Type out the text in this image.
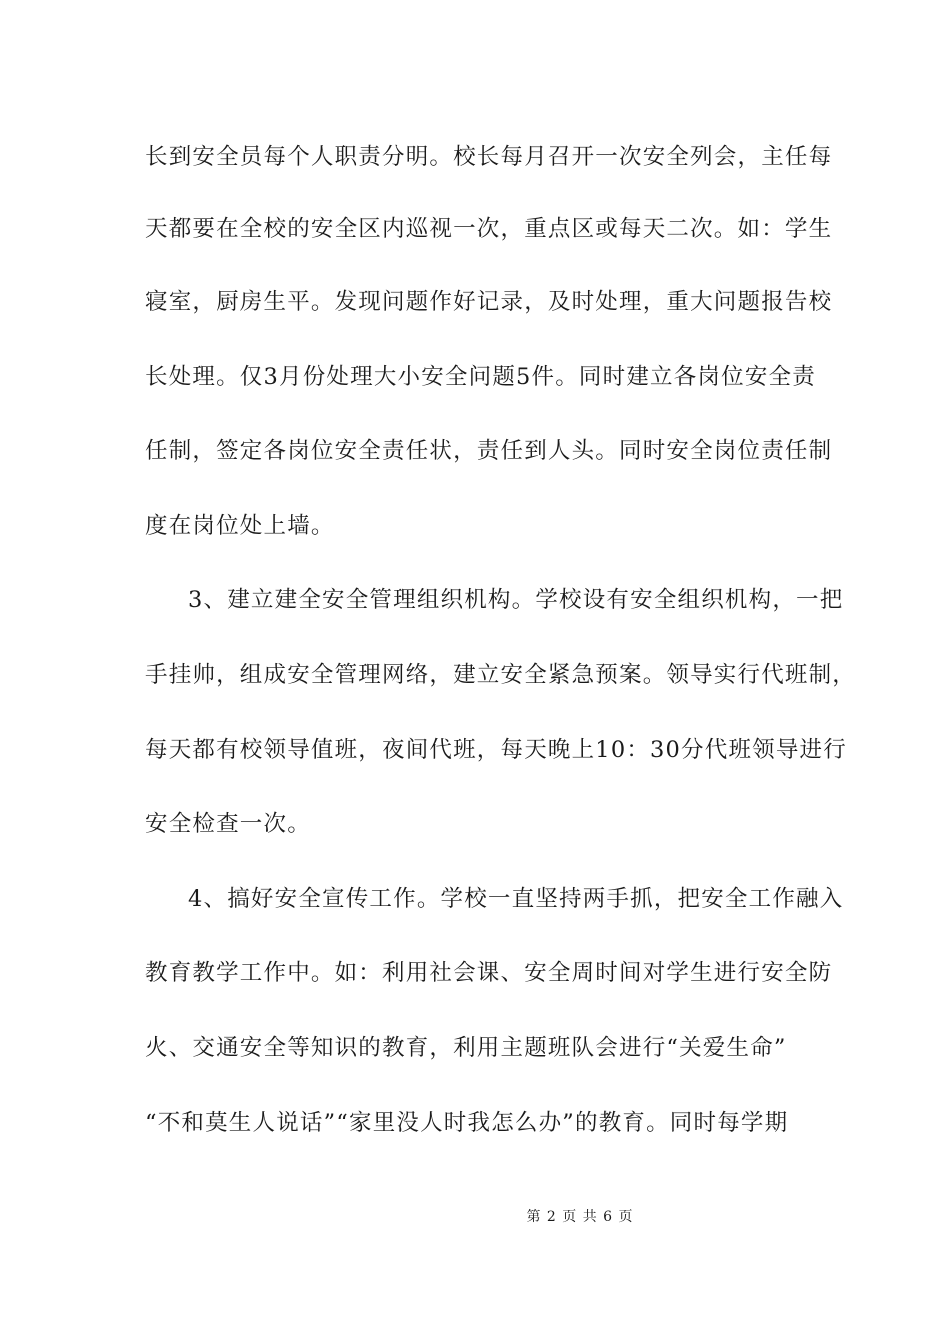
长到安全员每个人职责分明。校长每月召开一次安全列会，主任每
天都要在全校的安全区内巡视一次，重点区或每天二次。如：学生
寝室，厨房生平。发现问题作好记录，及时处理，重大问题报告校
长处理。仅3月份处理大小安全问题5件。同时建立各岗位安全责
任制，签定各岗位安全责任状，责任到人头。同时安全岗位责任制
度在岗位处上墙。
3、建立建全安全管理组织机构。学校设有安全组织机构，一把
手挂帅，组成安全管理网络，建立安全紧急预案。领导实行代班制，
每天都有校领导值班，夜间代班，每天晚上10：30分代班领导进行
安全检查一次。
4、搞好安全宣传工作。学校一直坚持两手抓，把安全工作融入
教育教学工作中。如：利用社会课、安全周时间对学生进行安全防
火、交通安全等知识的教育，利用主题班队会进行“关爱生命”
“不和莫生人说话”“家里没人时我怎么办”的教育。同时每学期
第 2 页 共 6 页
